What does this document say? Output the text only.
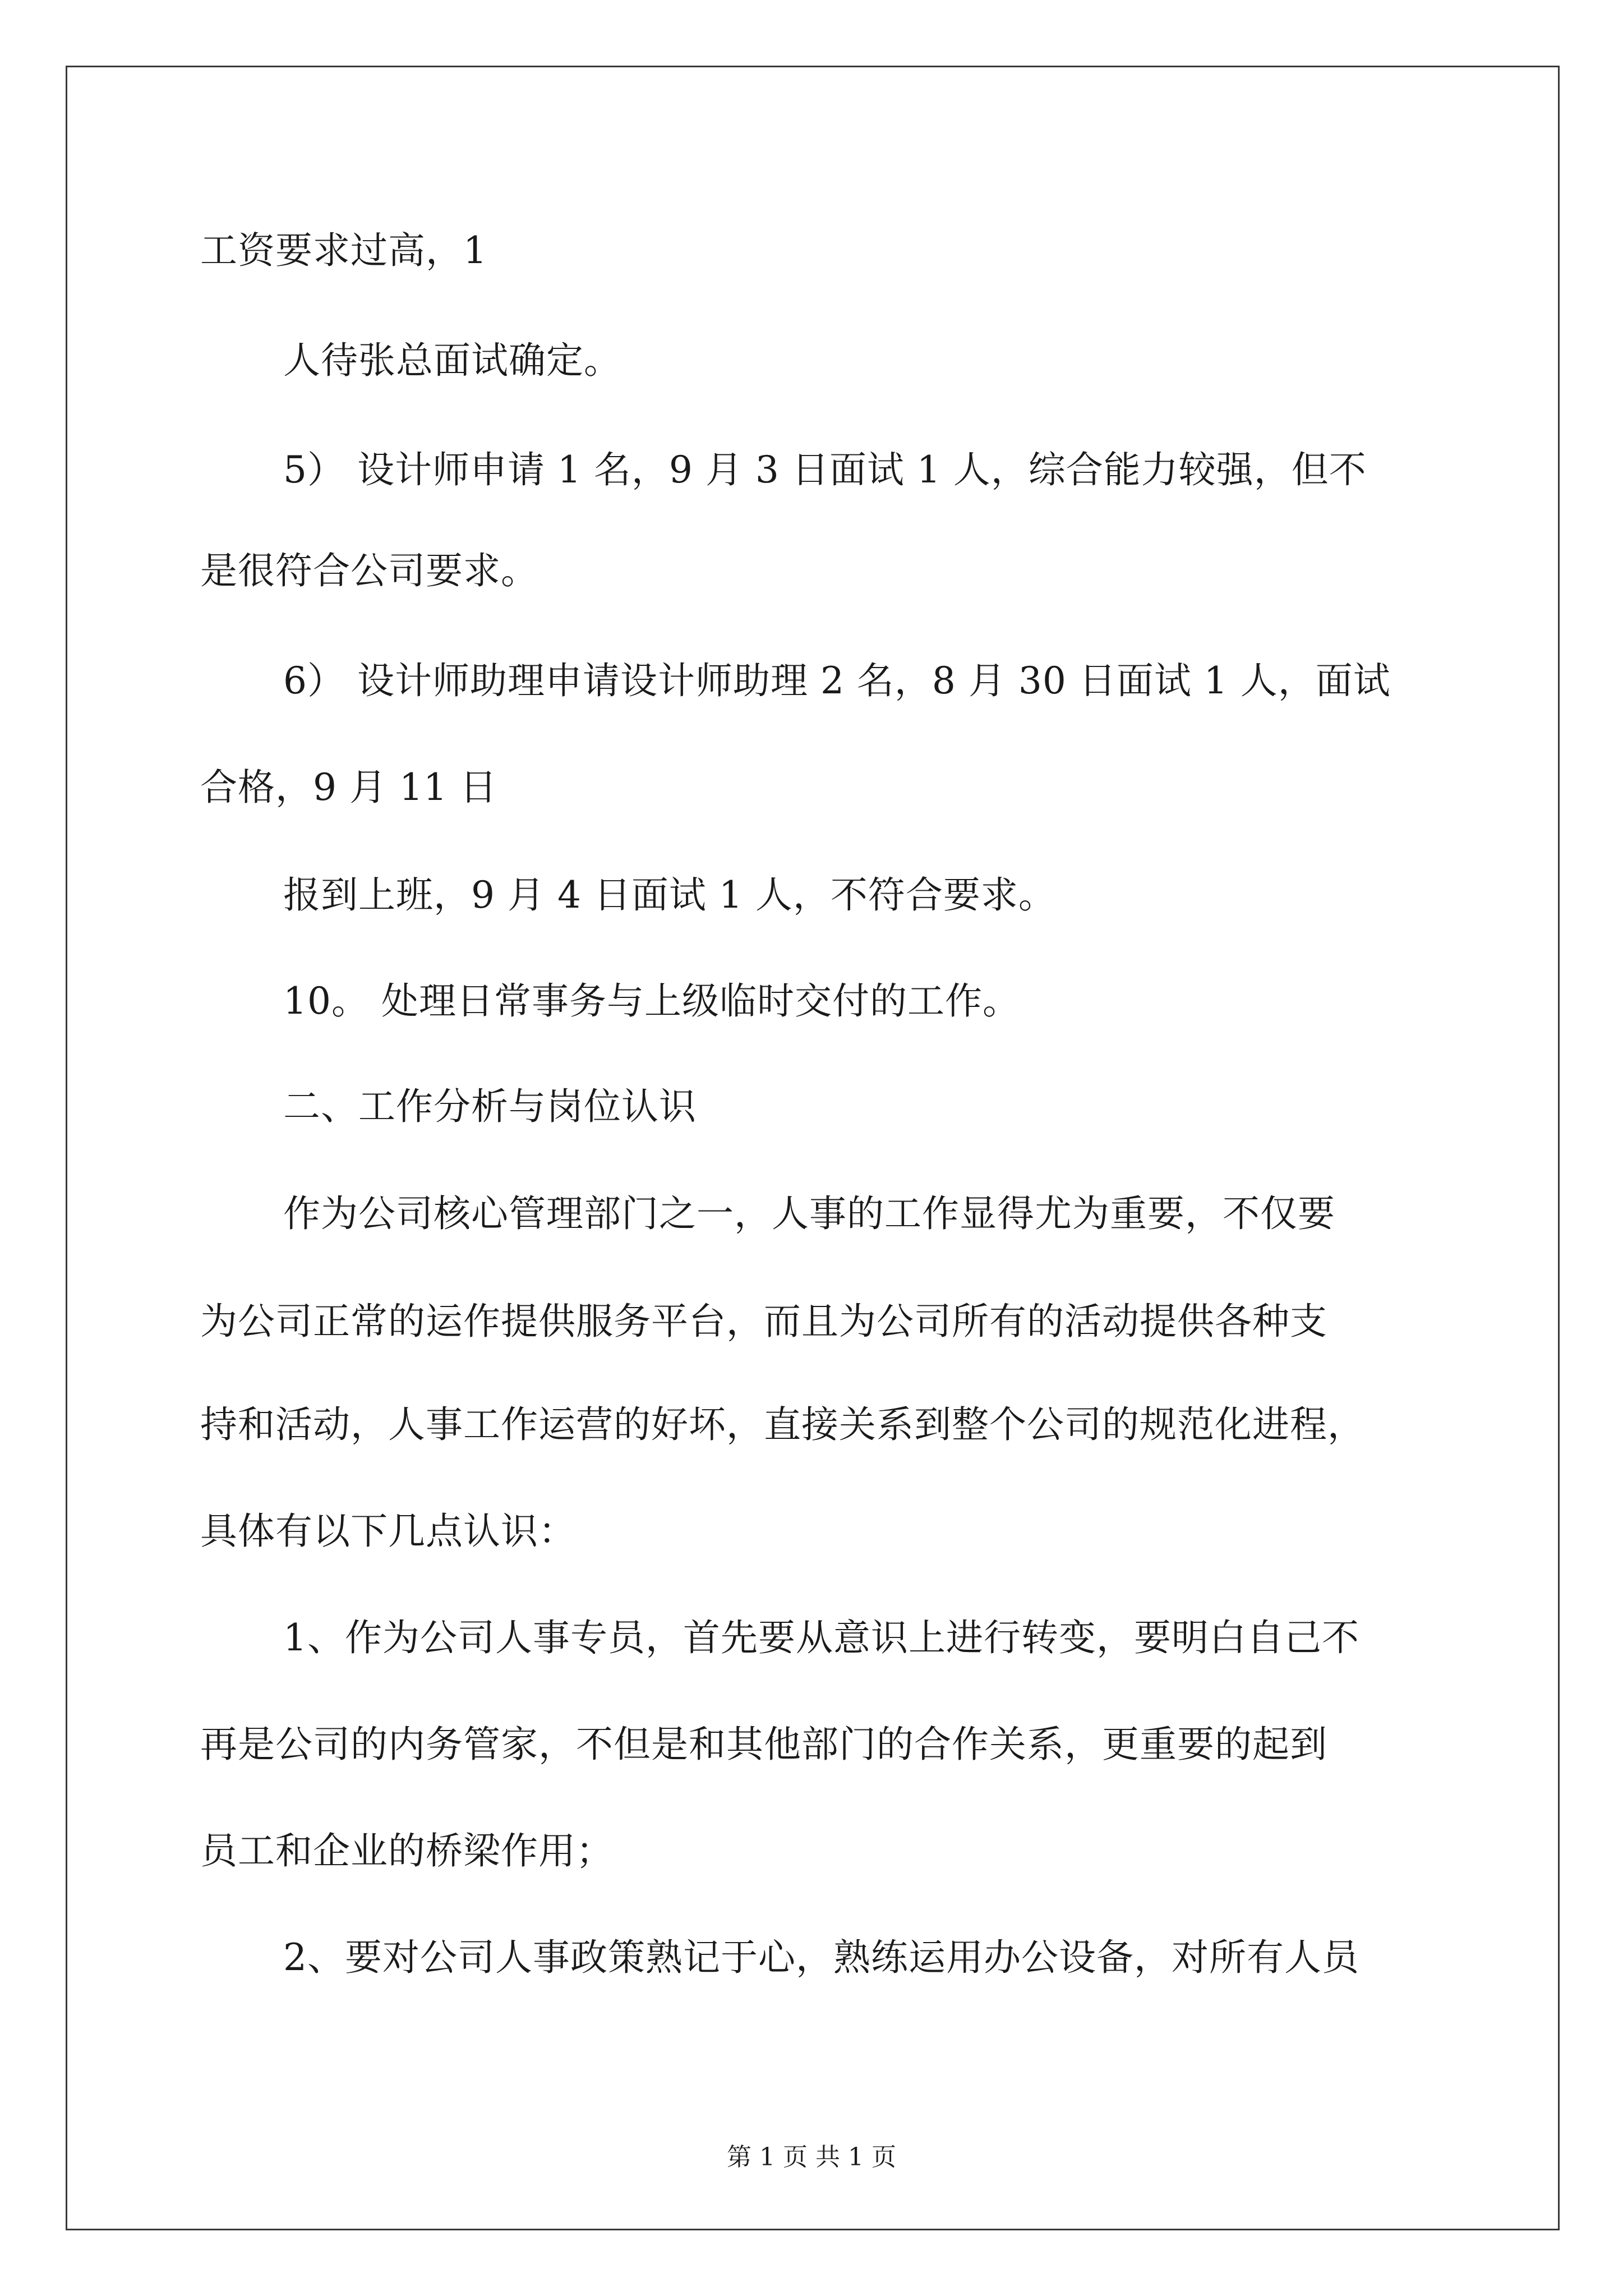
工资要求过高，1
人待张总面试确定。
5） 设计师申请 1 名，9 月 3 日面试 1 人，综合能力较强，但不
是很符合公司要求。
6） 设计师助理申请设计师助理 2 名，8 月 30 日面试 1 人，面试
合格，9 月 11 日
报到上班，9 月 4 日面试 1 人，不符合要求。
10。 处理日常事务与上级临时交付的工作。
二、工作分析与岗位认识
作为公司核心管理部门之一，人事的工作显得尤为重要，不仅要
为公司正常的运作提供服务平台，而且为公司所有的活动提供各种支
持和活动，人事工作运营的好坏，直接关系到整个公司的规范化进程，
具体有以下几点认识：
1、作为公司人事专员，首先要从意识上进行转变，要明白自己不
再是公司的内务管家，不但是和其他部门的合作关系，更重要的起到
员工和企业的桥梁作用；
2、要对公司人事政策熟记于心，熟练运用办公设备，对所有人员
第 1 页 共 1 页
